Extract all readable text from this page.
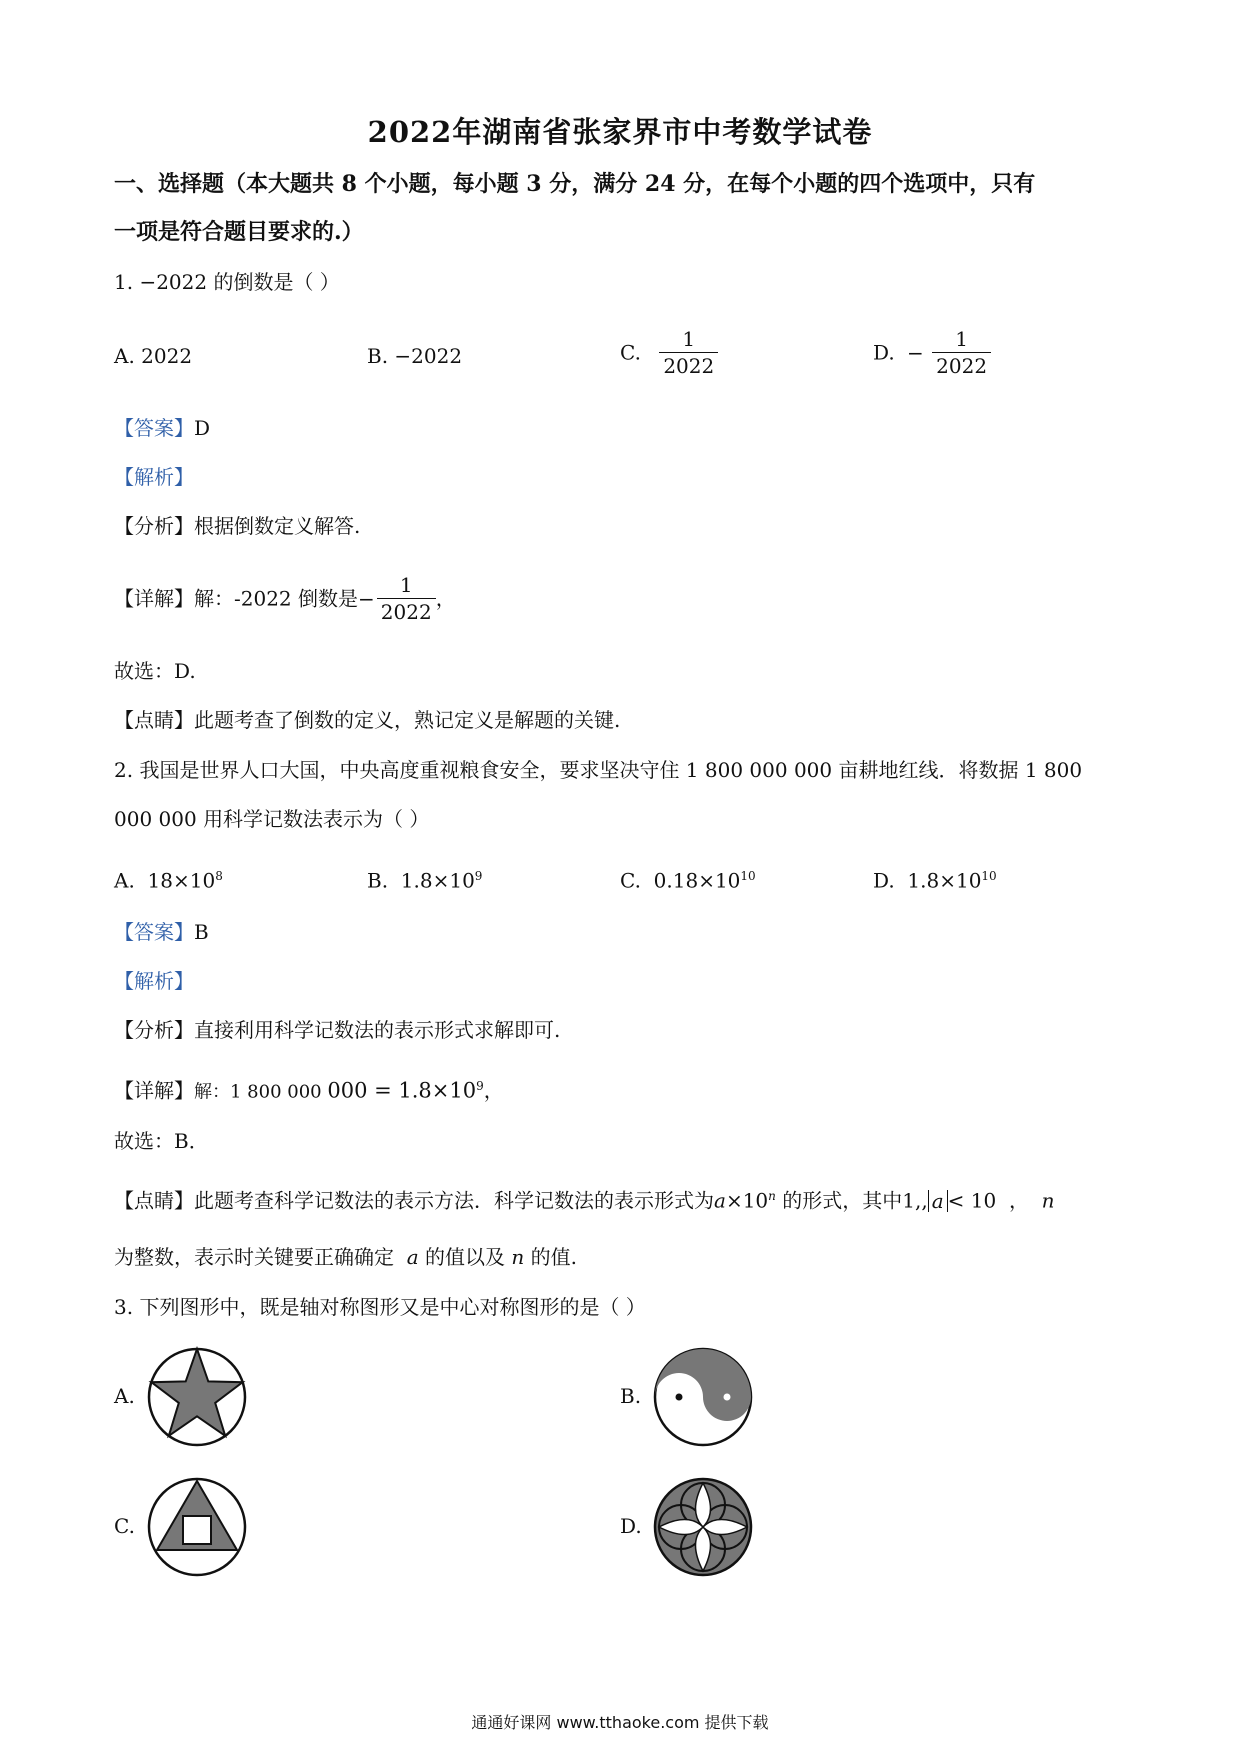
2022年湖南省张家界市中考数学试卷
一、选择题（本大题共 8 个小题，每小题 3 分，满分 24 分，在每个小题的四个选项中，只有
一项是符合题目要求的.）
1. −2022 的倒数是（ ）
A. 2022	B. −2022	C. $\frac{1}{2022}$	D. − $\frac{1}{2022}$
【答案】D
【解析】
【分析】根据倒数定义解答.
【详解】解：-2022 倒数是− $\frac{1}{2022}$ ，
故选：D.
【点睛】此题考查了倒数的定义，熟记定义是解题的关键.
2. 我国是世界人口大国，中央高度重视粮食安全，要求坚决守住 1 800 000 000 亩耕地红线．将数据 1 800
000 000 用科学记数法表示为（ ）
A. $18\times 10^8$	B. $1.8\times 10^9$	C. $0.18\times 10^{10}$	D. $1.8\times 10^{10}$
【答案】B
【解析】
【分析】直接利用科学记数法的表示形式求解即可.
【详解】解：1 800 000 $000 = 1.8\times 10^9$，
故选：B．
【点睛】此题考查科学记数法的表示方法．科学记数法的表示形式为$a\times 10^n$ 的形式，其中1,, a < 10 ， n
为整数，表示时关键要正确确定 a 的值以及 n 的值.
3. 下列图形中，既是轴对称图形又是中心对称图形的是（ ）
A.	B.
C.	D.
通通好课网 www.tthaoke.com 提供下载
